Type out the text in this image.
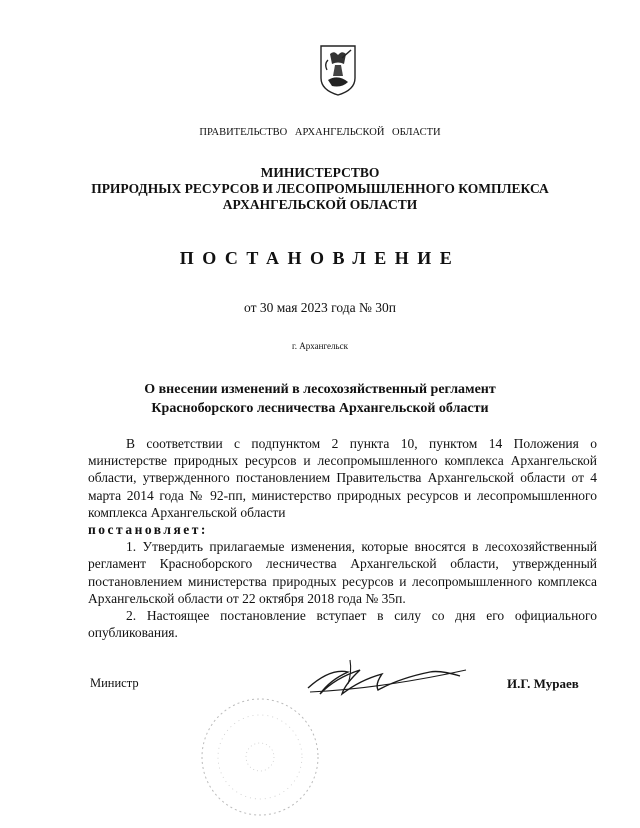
ПРАВИТЕЛЬСТВО АРХАНГЕЛЬСКОЙ ОБЛАСТИ
МИНИСТЕРСТВО
ПРИРОДНЫХ РЕСУРСОВ И ЛЕСОПРОМЫШЛЕННОГО КОМПЛЕКСА
АРХАНГЕЛЬСКОЙ ОБЛАСТИ
ПОСТАНОВЛЕНИЕ
от 30 мая 2023 года № 30п
г. Архангельск
О внесении изменений в лесохозяйственный регламент
Красноборского лесничества Архангельской области
В соответствии с подпунктом 2 пункта 10, пунктом 14 Положения о министерстве природных ресурсов и лесопромышленного комплекса Архангельской области, утвержденного постановлением Правительства Архангельской области от 4 марта 2014 года № 92-пп, министерство природных ресурсов и лесопромышленного комплекса Архангельской области
постановляет:
1. Утвердить прилагаемые изменения, которые вносятся в лесохозяйственный регламент Красноборского лесничества Архангельской области, утвержденный постановлением министерства природных ресурсов и лесопромышленного комплекса Архангельской области от 22 октября 2018 года № 35п.
2. Настоящее постановление вступает в силу со дня его официального опубликования.
Министр	И.Г. Мураев
